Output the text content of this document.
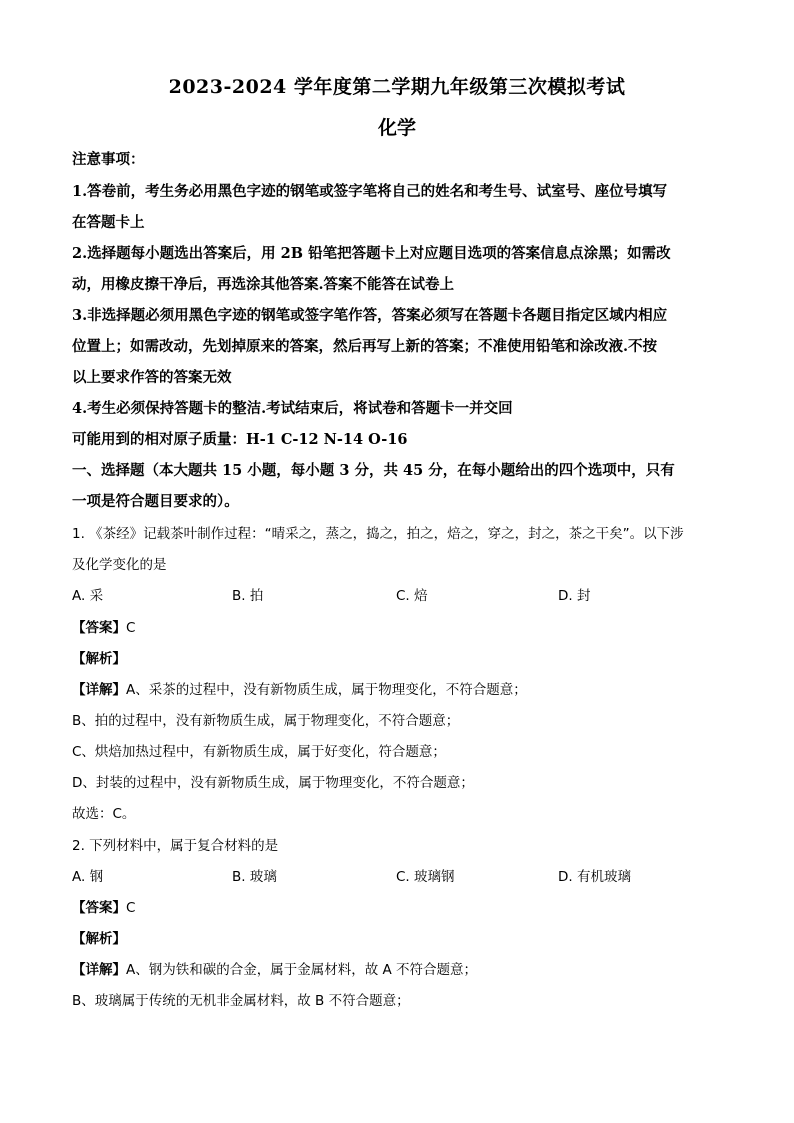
2023-2024 学年度第二学期九年级第三次模拟考试
化学
注意事项：
1.答卷前，考生务必用黑色字迹的钢笔或签字笔将自己的姓名和考生号、试室号、座位号填写
在答题卡上
2.选择题每小题选出答案后，用 2B 铅笔把答题卡上对应题目选项的答案信息点涂黑；如需改
动，用橡皮擦干净后，再选涂其他答案.答案不能答在试卷上
3.非选择题必须用黑色字迹的钢笔或签字笔作答，答案必须写在答题卡各题目指定区域内相应
位置上；如需改动，先划掉原来的答案，然后再写上新的答案；不准使用铅笔和涂改液.不按
以上要求作答的答案无效
4.考生必须保持答题卡的整洁.考试结束后，将试卷和答题卡一并交回
可能用到的相对原子质量：H-1 C-12 N-14 O-16
一、选择题（本大题共 15 小题，每小题 3 分，共 45 分，在每小题给出的四个选项中，只有
一项是符合题目要求的）。
1. 《茶经》记载茶叶制作过程：“晴采之，蒸之，捣之，拍之，焙之，穿之，封之，茶之干矣”。以下涉
及化学变化的是
A. 采	B. 拍	C. 焙	D. 封
【答案】C
【解析】
【详解】A、采茶的过程中，没有新物质生成，属于物理变化，不符合题意；
B、拍的过程中，没有新物质生成，属于物理变化，不符合题意；
C、烘焙加热过程中，有新物质生成，属于好变化，符合题意；
D、封装的过程中，没有新物质生成，属于物理变化，不符合题意；
故选：C。
2. 下列材料中，属于复合材料的是
A. 钢	B. 玻璃	C. 玻璃钢	D. 有机玻璃
【答案】C
【解析】
【详解】A、钢为铁和碳的合金，属于金属材料，故 A 不符合题意；
B、玻璃属于传统的无机非金属材料，故 B 不符合题意；
